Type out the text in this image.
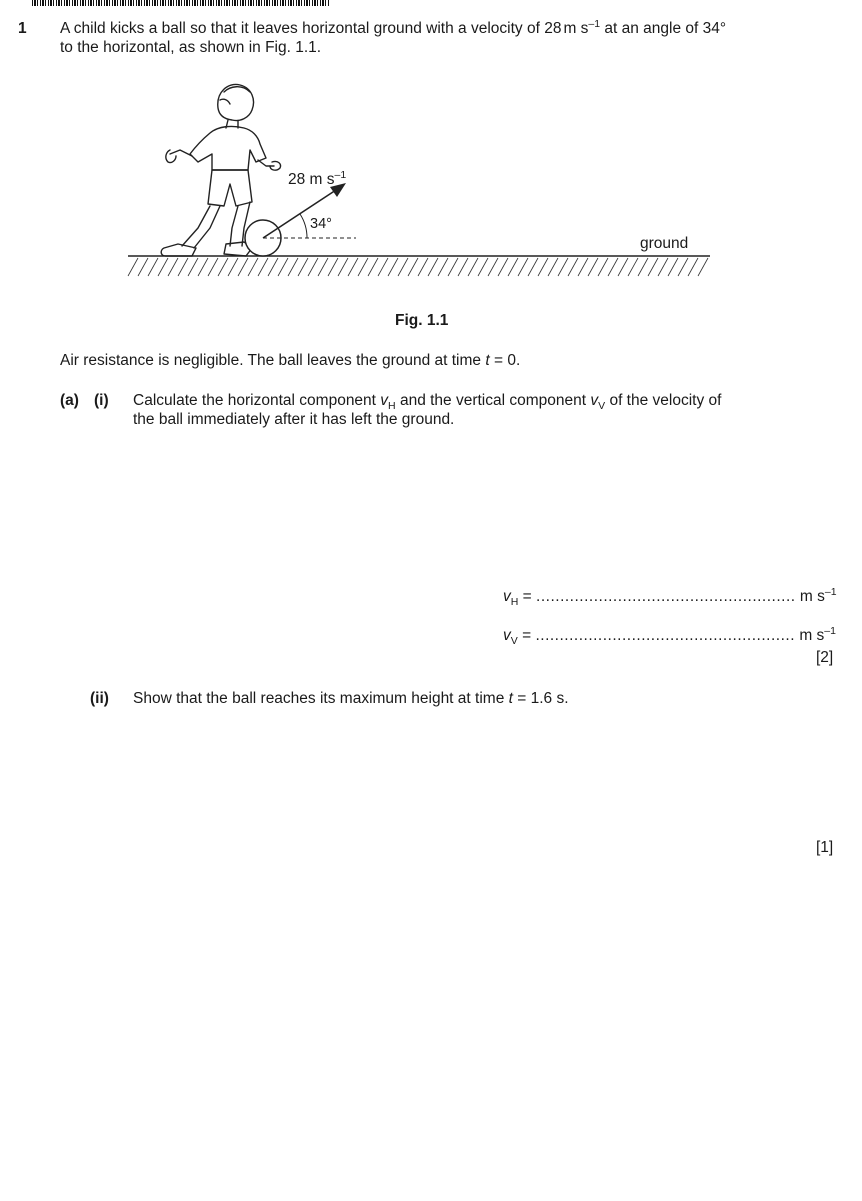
1 A child kicks a ball so that it leaves horizontal ground with a velocity of 28 m $s^{-1}$ at an angle of 34°
to the horizontal, as shown in Fig. 1.1.
28 m $s^{-1}$
34°
ground
Fig. 1.1
Air resistance is negligible. The ball leaves the ground at time t = 0.
(a) (i) Calculate the horizontal component $v_H$ and the vertical component $v_V$ of the velocity of
the ball immediately after it has left the ground.
$v_H$ = ...................................................... m $s^{-1}$
$v_V$ = ...................................................... m $s^{-1}$
[2]
(ii) Show that the ball reaches its maximum height at time t = 1.6 s.
[1]
